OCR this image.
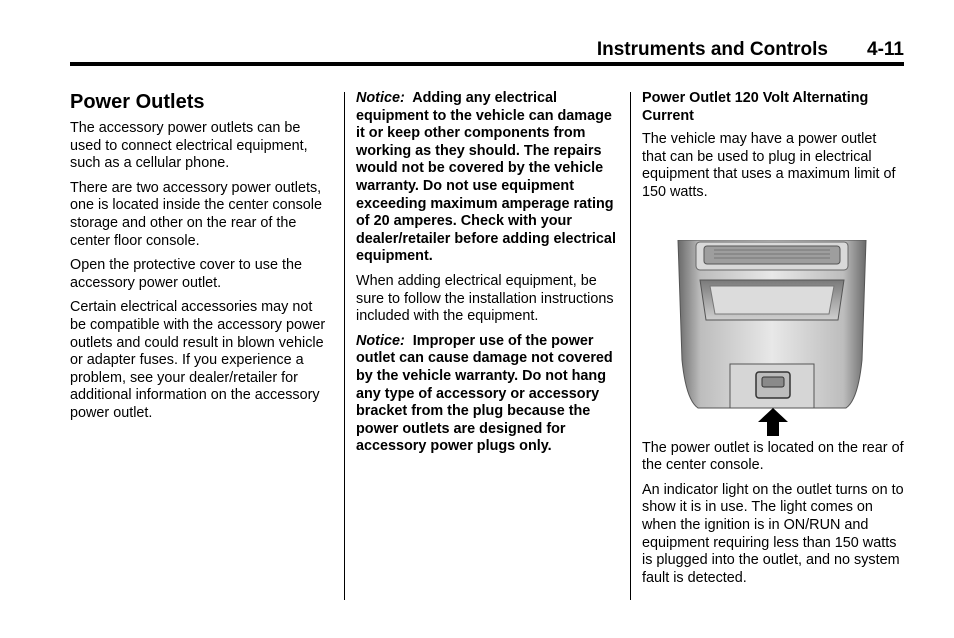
Instruments and Controls 4-11
Power Outlets

The accessory power outlets can be used to connect electrical equipment, such as a cellular phone.

There are two accessory power outlets, one is located inside the center console storage and other on the rear of the center floor console.

Open the protective cover to use the accessory power outlet.

Certain electrical accessories may not be compatible with the accessory power outlets and could result in blown vehicle or adapter fuses. If you experience a problem, see your dealer/retailer for additional information on the accessory power outlet.

Notice: Adding any electrical equipment to the vehicle can damage it or keep other components from working as they should. The repairs would not be covered by the vehicle warranty. Do not use equipment exceeding maximum amperage rating of 20 amperes. Check with your dealer/retailer before adding electrical equipment.

When adding electrical equipment, be sure to follow the installation instructions included with the equipment.

Notice: Improper use of the power outlet can cause damage not covered by the vehicle warranty. Do not hang any type of accessory or accessory bracket from the plug because the power outlets are designed for accessory power plugs only.

Power Outlet 120 Volt Alternating Current

The vehicle may have a power outlet that can be used to plug in electrical equipment that uses a maximum limit of 150 watts.

The power outlet is located on the rear of the center console.

An indicator light on the outlet turns on to show it is in use. The light comes on when the ignition is in ON/RUN and equipment requiring less than 150 watts is plugged into the outlet, and no system fault is detected.
